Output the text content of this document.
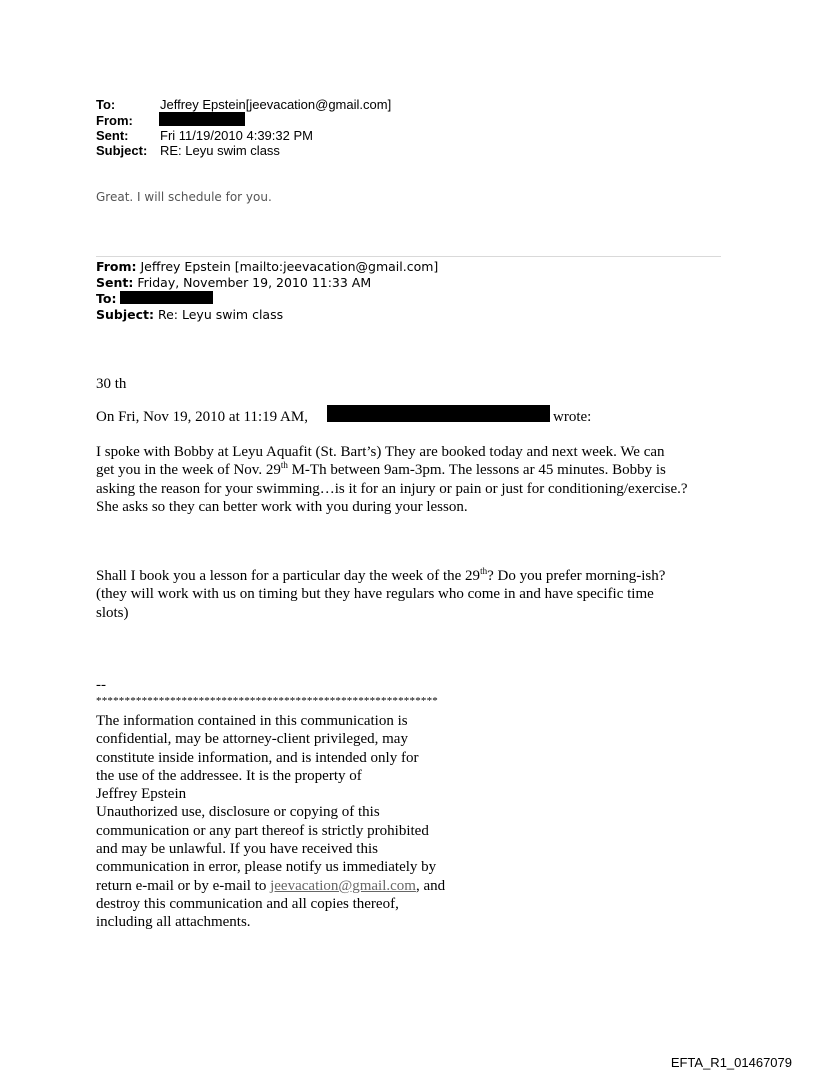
To:	Jeffrey Epstein[jeevacation@gmail.com]
From:
Sent: Fri 11/19/2010 4:39:32 PM
Subject: RE: Leyu swim class
Great. I will schedule for you.
From: Jeffrey Epstein [mailto:jeevacation@gmail.com]
Sent: Friday, November 19, 2010 11:33 AM
To:
Subject: Re: Leyu swim class
30 th
On Fri, Nov 19, 2010 at 11:19 AM,	wrote:
I spoke with Bobby at Leyu Aquafit (St. Bart’s) They are booked today and next week. We can
get you in the week of Nov. 29th M-Th between 9am-3pm. The lessons ar 45 minutes. Bobby is
asking the reason for your swimming…is it for an injury or pain or just for conditioning/exercise.?
She asks so they can better work with you during your lesson.
Shall I book you a lesson for a particular day the week of the 29th? Do you prefer morning-ish?
(they will work with us on timing but they have regulars who come in and have specific time
slots)
--
************************************************************
The information contained in this communication is
confidential, may be attorney-client privileged, may
constitute inside information, and is intended only for
the use of the addressee. It is the property of
Jeffrey Epstein
Unauthorized use, disclosure or copying of this
communication or any part thereof is strictly prohibited
and may be unlawful. If you have received this
communication in error, please notify us immediately by
return e-mail or by e-mail to jeevacation@gmail.com, and
destroy this communication and all copies thereof,
including all attachments.
EFTA_R1_01467079
